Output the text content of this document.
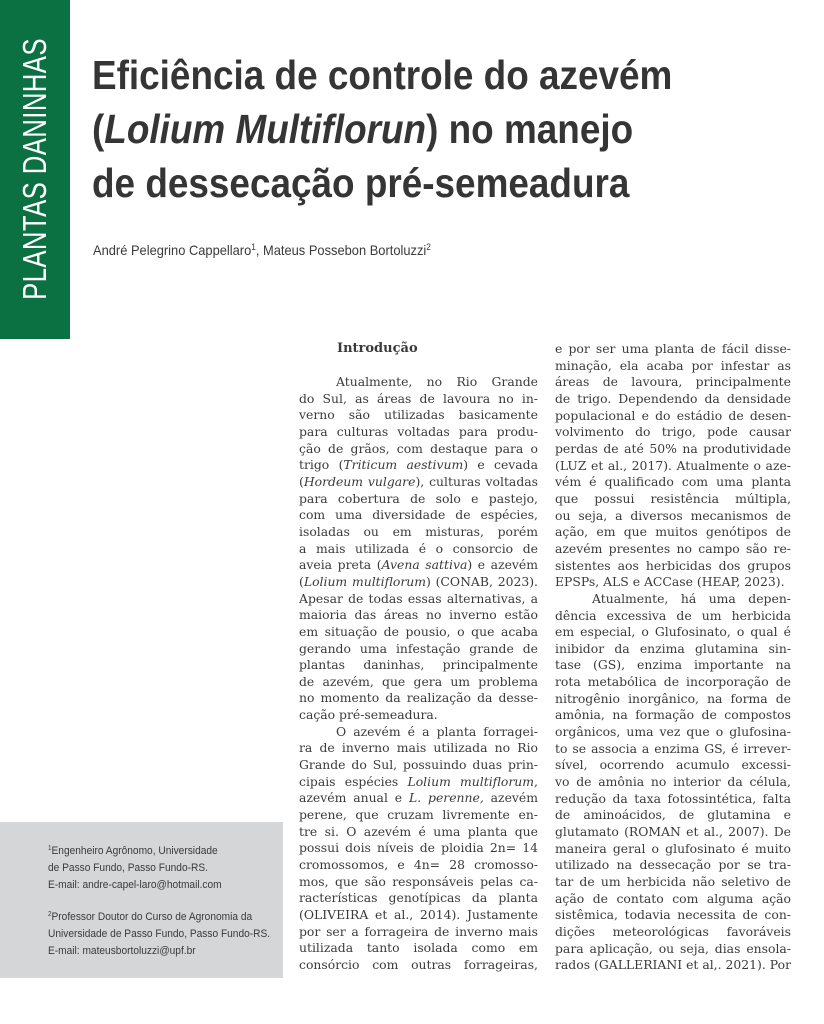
PLANTAS DANINHAS Eficiência de controle do azevém
(Lolium Multiflorun) no manejo
de dessecação pré-semeadura
André Pelegrino Cappellaro$^1$, Mateus Possebon Bortoluzzi$^2$
Introdução
Atualmente, no Rio Grande
do Sul, as áreas de lavoura no in-
verno são utilizadas basicamente
para culturas voltadas para produ-
ção de grãos, com destaque para o
trigo (Triticum aestivum) e cevada
(Hordeum vulgare), culturas voltadas
para cobertura de solo e pastejo,
com uma diversidade de espécies,
isoladas ou em misturas, porém
a mais utilizada é o consorcio de
aveia preta (Avena sattiva) e azevém
(Lolium multiflorum) (CONAB, 2023).
Apesar de todas essas alternativas, a
maioria das áreas no inverno estão
em situação de pousio, o que acaba
gerando uma infestação grande de
plantas daninhas, principalmente
de azevém, que gera um problema
no momento da realização da desse-
cação pré-semeadura.
O azevém é a planta forragei-
ra de inverno mais utilizada no Rio
Grande do Sul, possuindo duas prin-
cipais espécies Lolium multiflorum,
azevém anual e L. perenne, azevém
perene, que cruzam livremente en-
tre si. O azevém é uma planta que
possui dois níveis de ploidia 2n= 14
cromossomos, e 4n= 28 cromosso-
mos, que são responsáveis pelas ca-
racterísticas genotípicas da planta
(OLIVEIRA et al., 2014). Justamente
por ser a forrageira de inverno mais
utilizada tanto isolada como em
consórcio com outras forrageiras,
e por ser uma planta de fácil disse-
minação, ela acaba por infestar as
áreas de lavoura, principalmente
de trigo. Dependendo da densidade
populacional e do estádio de desen-
volvimento do trigo, pode causar
perdas de até 50% na produtividade
(LUZ et al., 2017). Atualmente o aze-
vém é qualificado com uma planta
que possui resistência múltipla,
ou seja, a diversos mecanismos de
ação, em que muitos genótipos de
azevém presentes no campo são re-
sistentes aos herbicidas dos grupos
EPSPs, ALS e ACCase (HEAP, 2023).
Atualmente, há uma depen-
dência excessiva de um herbicida
em especial, o Glufosinato, o qual é
inibidor da enzima glutamina sin-
tase (GS), enzima importante na
rota metabólica de incorporação de
nitrogênio inorgânico, na forma de
amônia, na formação de compostos
orgânicos, uma vez que o glufosina-
to se associa a enzima GS, é irrever-
sível, ocorrendo acumulo excessi-
vo de amônia no interior da célula,
redução da taxa fotossintética, falta
de aminoácidos, de glutamina e
glutamato (ROMAN et al., 2007). De
maneira geral o glufosinato é muito
utilizado na dessecação por se tra-
tar de um herbicida não seletivo de
ação de contato com alguma ação
sistêmica, todavia necessita de con-
dições meteorológicas favoráveis
para aplicação, ou seja, dias ensola-
rados (GALLERIANI et al,. 2021). Por
$^1$Engenheiro Agrônomo, Universidade
de Passo Fundo, Passo Fundo-RS.
E-mail: andre-capel-laro@hotmail.com
$^2$Professor Doutor do Curso de Agronomia da
Universidade de Passo Fundo, Passo Fundo-RS.
E-mail: mateusbortoluzzi@upf.br
